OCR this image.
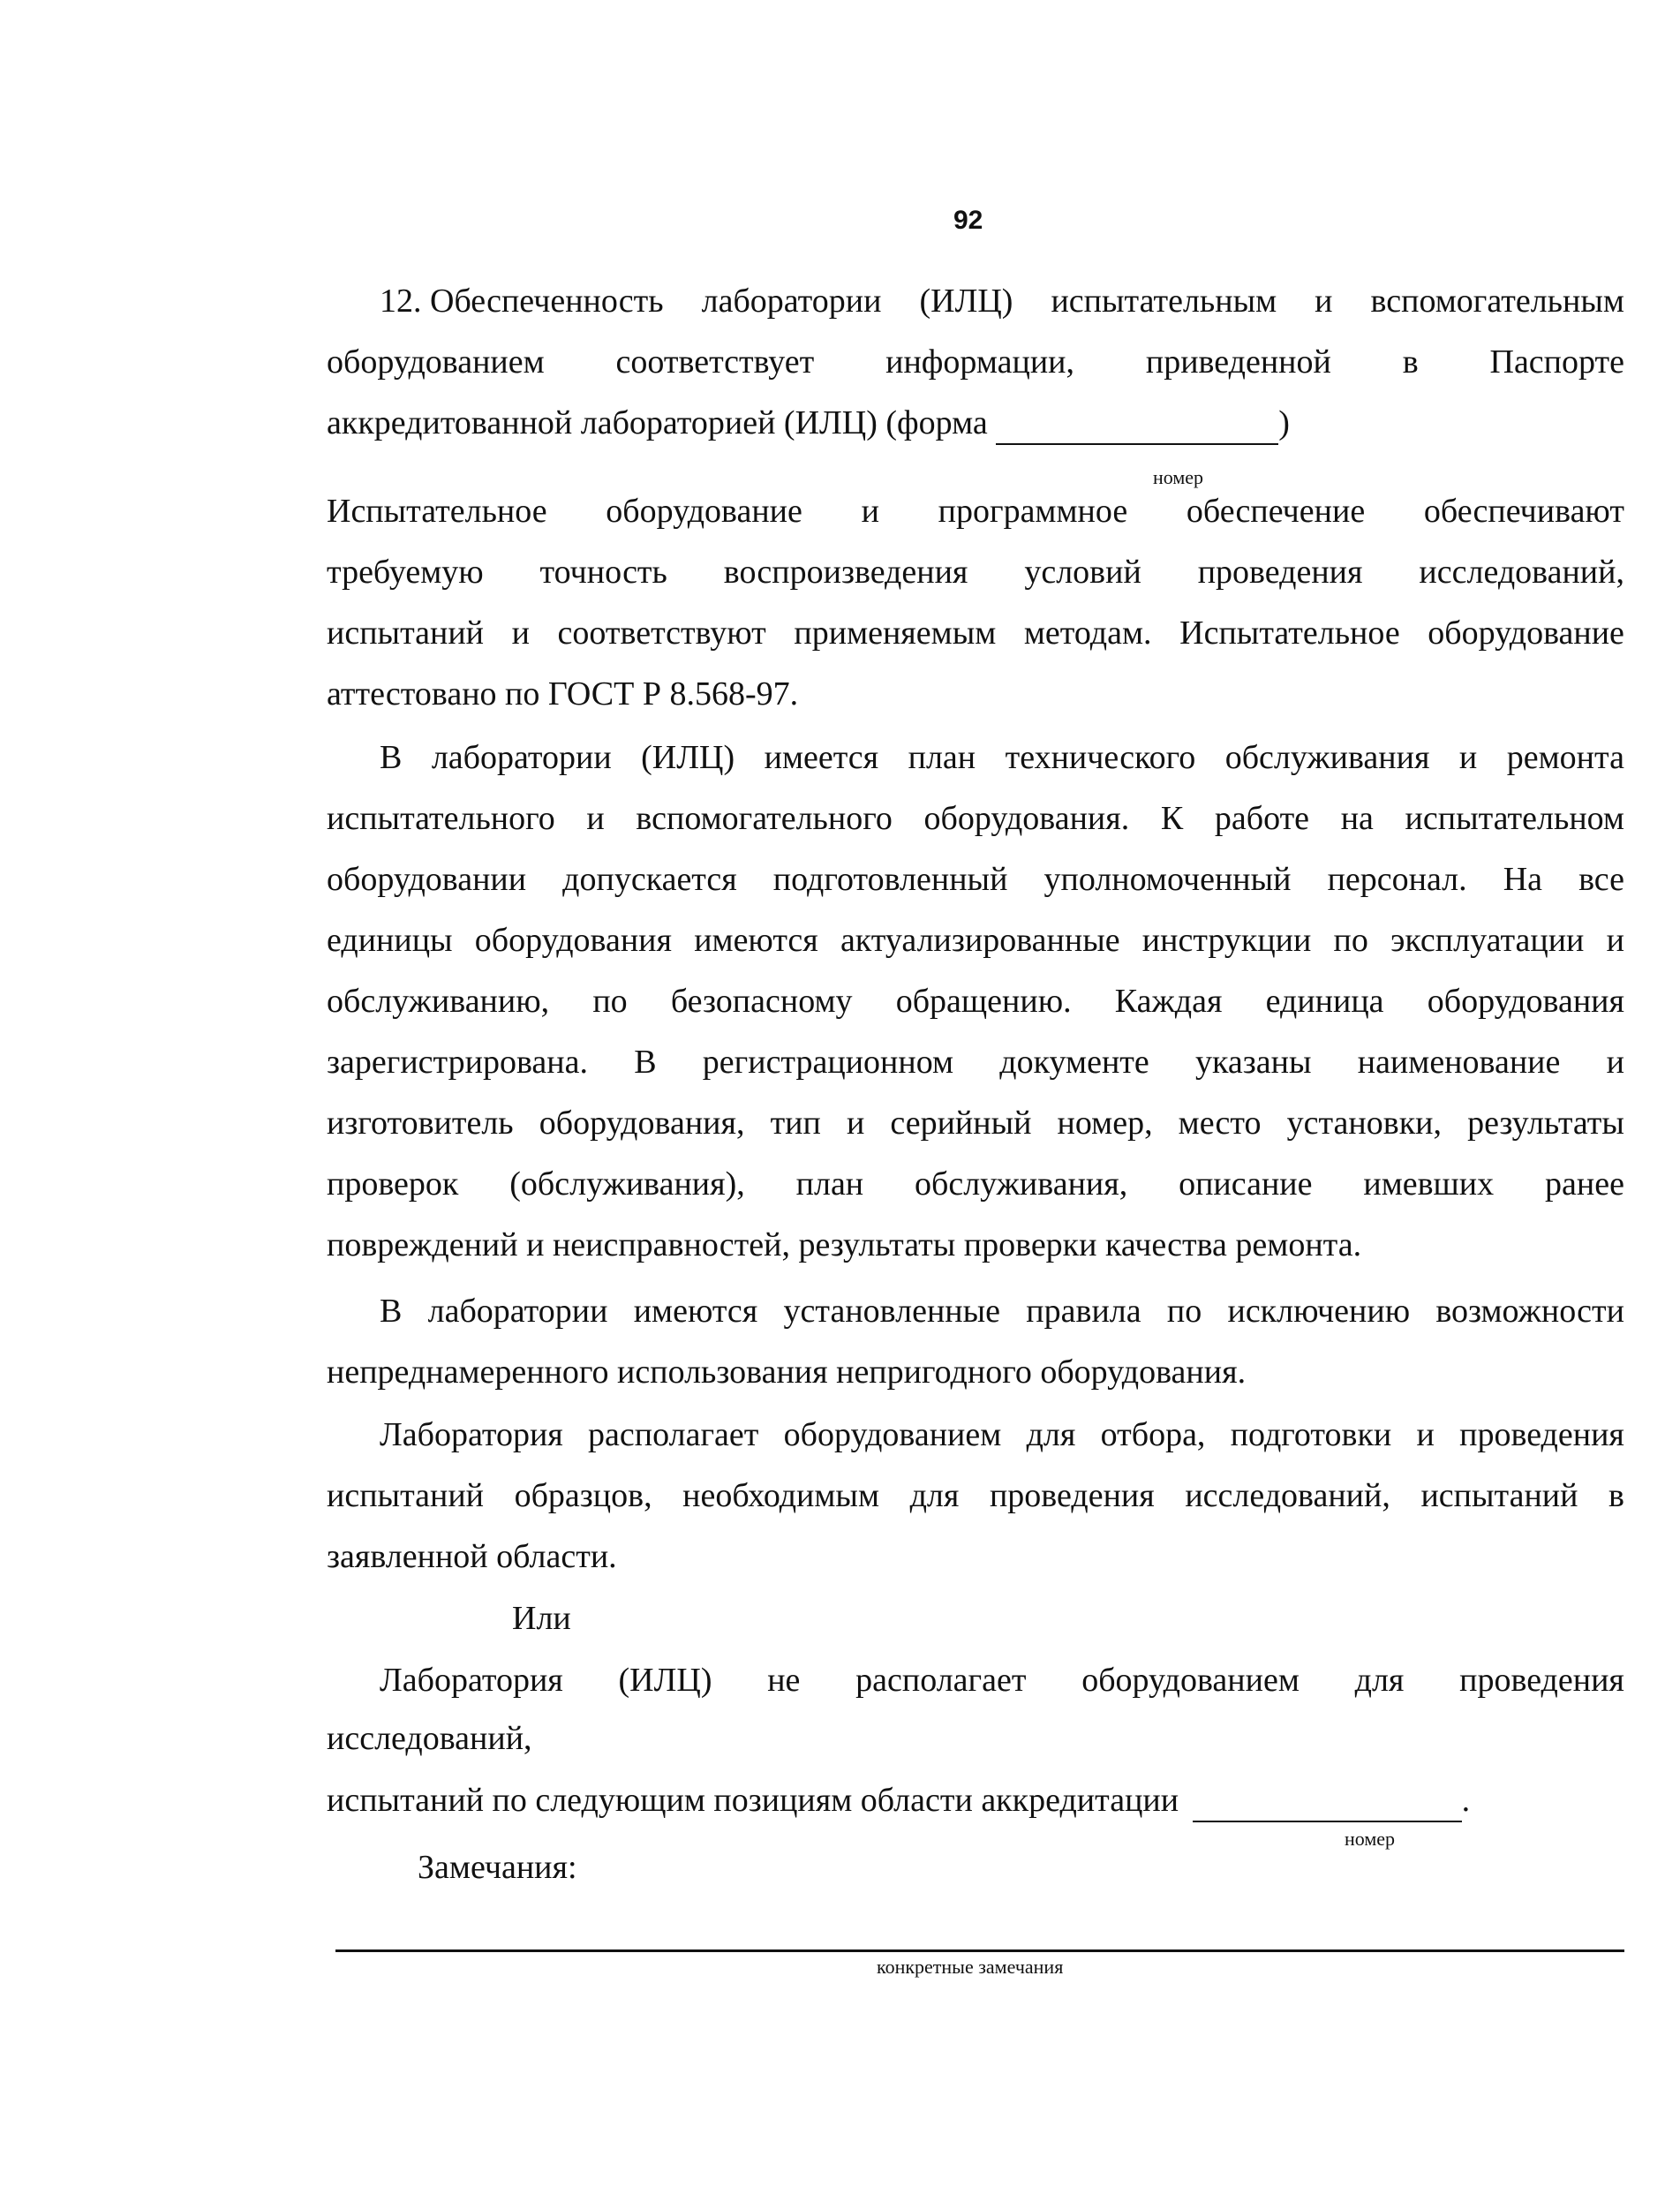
92
12. Обеспеченность лаборатории (ИЛЦ) испытательным и вспомогательным
оборудованием соответствует информации, приведенной в Паспорте
аккредитованной лабораторией (ИЛЦ) (форма	)
номер
Испытательное оборудование и программное обеспечение обеспечивают
требуемую точность воспроизведения условий проведения исследований,
испытаний и соответствуют применяемым методам. Испытательное оборудование
аттестовано по ГОСТ Р 8.568-97.
В лаборатории (ИЛЦ) имеется план технического обслуживания и ремонта
испытательного и вспомогательного оборудования. К работе на испытательном
оборудовании допускается подготовленный уполномоченный персонал. На все
единицы оборудования имеются актуализированные инструкции по эксплуатации и
обслуживанию, по безопасному обращению. Каждая единица оборудования
зарегистрирована. В регистрационном документе указаны наименование и
изготовитель оборудования, тип и серийный номер, место установки, результаты
проверок (обслуживания), план обслуживания, описание имевших ранее
повреждений и неисправностей, результаты проверки качества ремонта.
В лаборатории имеются установленные правила по исключению возможности
непреднамеренного использования непригодного оборудования.
Лаборатория располагает оборудованием для отбора, подготовки и проведения
испытаний образцов, необходимым для проведения исследований, испытаний в
заявленной области.
Или
Лаборатория (ИЛЦ) не располагает оборудованием для проведения
исследований,
испытаний по следующим позициям области аккредитации	.
номер
Замечания:
конкретные замечания
